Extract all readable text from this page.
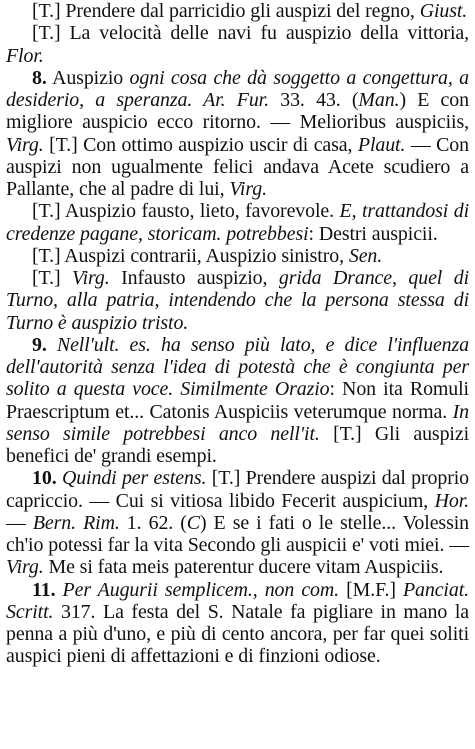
[T.] Prendere dal parricidio gli auspizi del regno, Giust.

[T.] La velocità delle navi fu auspizio della vittoria, Flor.

8. Auspizio ogni cosa che dà soggetto a congettura, a desiderio, a speranza. Ar. Fur. 33. 43. (Man.) E con migliore auspicio ecco ritorno. — Melioribus auspiciis, Virg. [T.] Con ottimo auspizio uscir di casa, Plaut. — Con auspizi non ugualmente felici andava Acete scudiero a Pallante, che al padre di lui, Virg.

[T.] Auspizio fausto, lieto, favorevole. E, trattandosi di credenze pagane, storicam. potrebbesi: Destri auspicii.

[T.] Auspizi contrarii, Auspizio sinistro, Sen.

[T.] Virg. Infausto auspizio, grida Drance, quel di Turno, alla patria, intendendo che la persona stessa di Turno è auspizio tristo.

9. Nell'ult. es. ha senso più lato, e dice l'influenza dell'autorità senza l'idea di potestà che è congiunta per solito a questa voce. Similmente Orazio: Non ita Romuli Praescriptum et... Catonis Auspiciis veterumque norma. In senso simile potrebbesi anco nell'it. [T.] Gli auspizi benefici de' grandi esempi.

10. Quindi per estens. [T.] Prendere auspizi dal proprio capriccio. — Cui si vitiosa libido Fecerit auspicium, Hor. — Bern. Rim. 1. 62. (C) E se i fati o le stelle... Volessin ch'io potessi far la vita Secondo gli auspicii e' voti miei. — Virg. Me si fata meis paterentur ducere vitam Auspiciis.

11. Per Augurii semplicem., non com. [M.F.] Panciat. Scritt. 317. La festa del S. Natale fa pigliare in mano la penna a più d'uno, e più di cento ancora, per far quei soliti auspici pieni di affettazioni e di finzioni odiose.
